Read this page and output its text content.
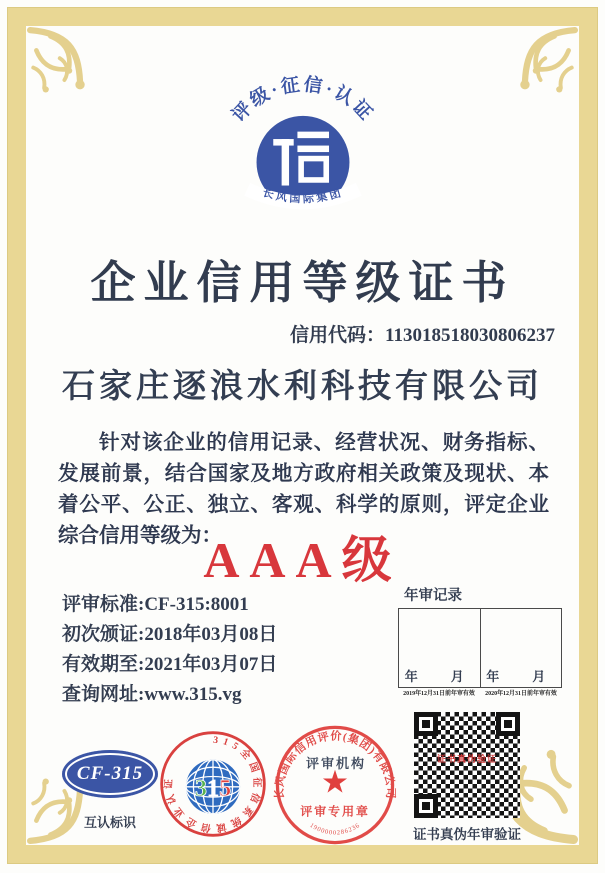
评级·征信·认证
长风国际集团
企业信用等级证书
信用代码：113018518030806237
石家庄逐浪水利科技有限公司
针对该企业的信用记录、经营状况、财务指标、发展前景，结合国家及地方政府相关政策及现状、本着公平、公正、独立、客观、科学的原则，评定企业综合信用等级为：
AAA级
评审标准:CF-315:8001
初次颁证:2018年03月08日
有效期至:2021年03月07日
查询网址:www.315.vg
年审记录
年　月 年　月
2019年12月31日前年审有效	2020年12月31日前年审有效
CF-315
互认标识
315全国征信系统诚信企业认证 315
评审机构
长风国际信用评价(集团)有限公司
★
评审专用章
1900000286236
证书真伪验证
证书真伪年审验证
